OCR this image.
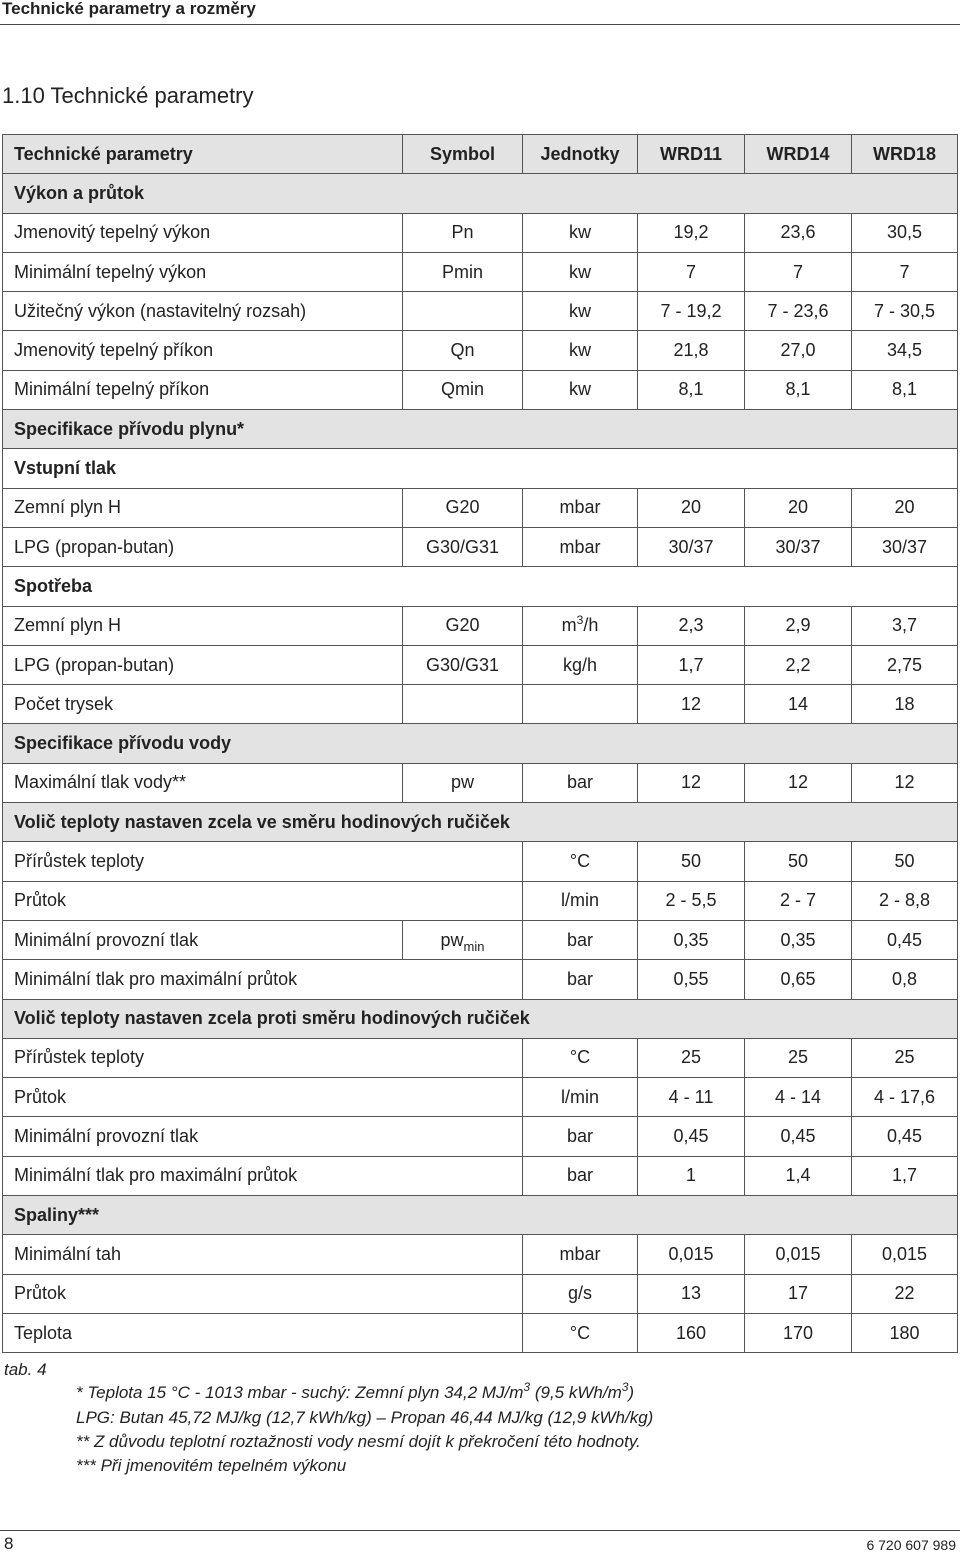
Technické parametry a rozměry
1.10 Technické parametry
Technické parametry	Symbol	Jednotky	WRD11	WRD14	WRD18
Výkon a průtok					
Jmenovitý tepelný výkon	Pn	kw	19,2	23,6	30,5
Minimální tepelný výkon	Pmin	kw	7	7	7
Užitečný výkon (nastavitelný rozsah)		kw	7 - 19,2	7 - 23,6	7 - 30,5
Jmenovitý tepelný příkon	Qn	kw	21,8	27,0	34,5
Minimální tepelný příkon	Qmin	kw	8,1	8,1	8,1
Specifikace přívodu plynu*					
Vstupní tlak					
Zemní plyn H	G20	mbar	20	20	20
LPG (propan-butan)	G30/G31	mbar	30/37	30/37	30/37
Spotřeba					
Zemní plyn H	G20	$m^3/h$	2,3	2,9	3,7
LPG (propan-butan)	G30/G31	kg/h	1,7	2,2	2,75
Počet trysek			12	14	18
Specifikace přívodu vody					
Maximální tlak vody**	pw	bar	12	12	12
Volič teploty nastaven zcela ve směru hodinových ručiček					
Přírůstek teploty		°C	50	50	50
Průtok		l/min	2 - 5,5	2 - 7	2 - 8,8
Minimální provozní tlak	$pw_{min}$	bar	0,35	0,35	0,45
Minimální tlak pro maximální průtok		bar	0,55	0,65	0,8
Volič teploty nastaven zcela proti směru hodinových ručiček					
Přírůstek teploty		°C	25	25	25
Průtok		l/min	4 - 11	4 - 14	4 - 17,6
Minimální provozní tlak		bar	0,45	0,45	0,45
Minimální tlak pro maximální průtok		bar	1	1,4	1,7
Spaliny***					
Minimální tah		mbar	0,015	0,015	0,015
Průtok		g/s	13	17	22
Teplota		°C	160	170	180
tab. 4
* Teplota 15 °C - 1013 mbar - suchý: Zemní plyn 34,2 $MJ/m^3$ (9,5 kWh/$m^3$)
LPG: Butan 45,72 MJ/kg (12,7 kWh/kg) – Propan 46,44 MJ/kg (12,9 kWh/kg)
** Z důvodu teplotní roztažnosti vody nesmí dojít k překročení této hodnoty.
*** Při jmenovitém tepelném výkonu
8	6 720 607 989
